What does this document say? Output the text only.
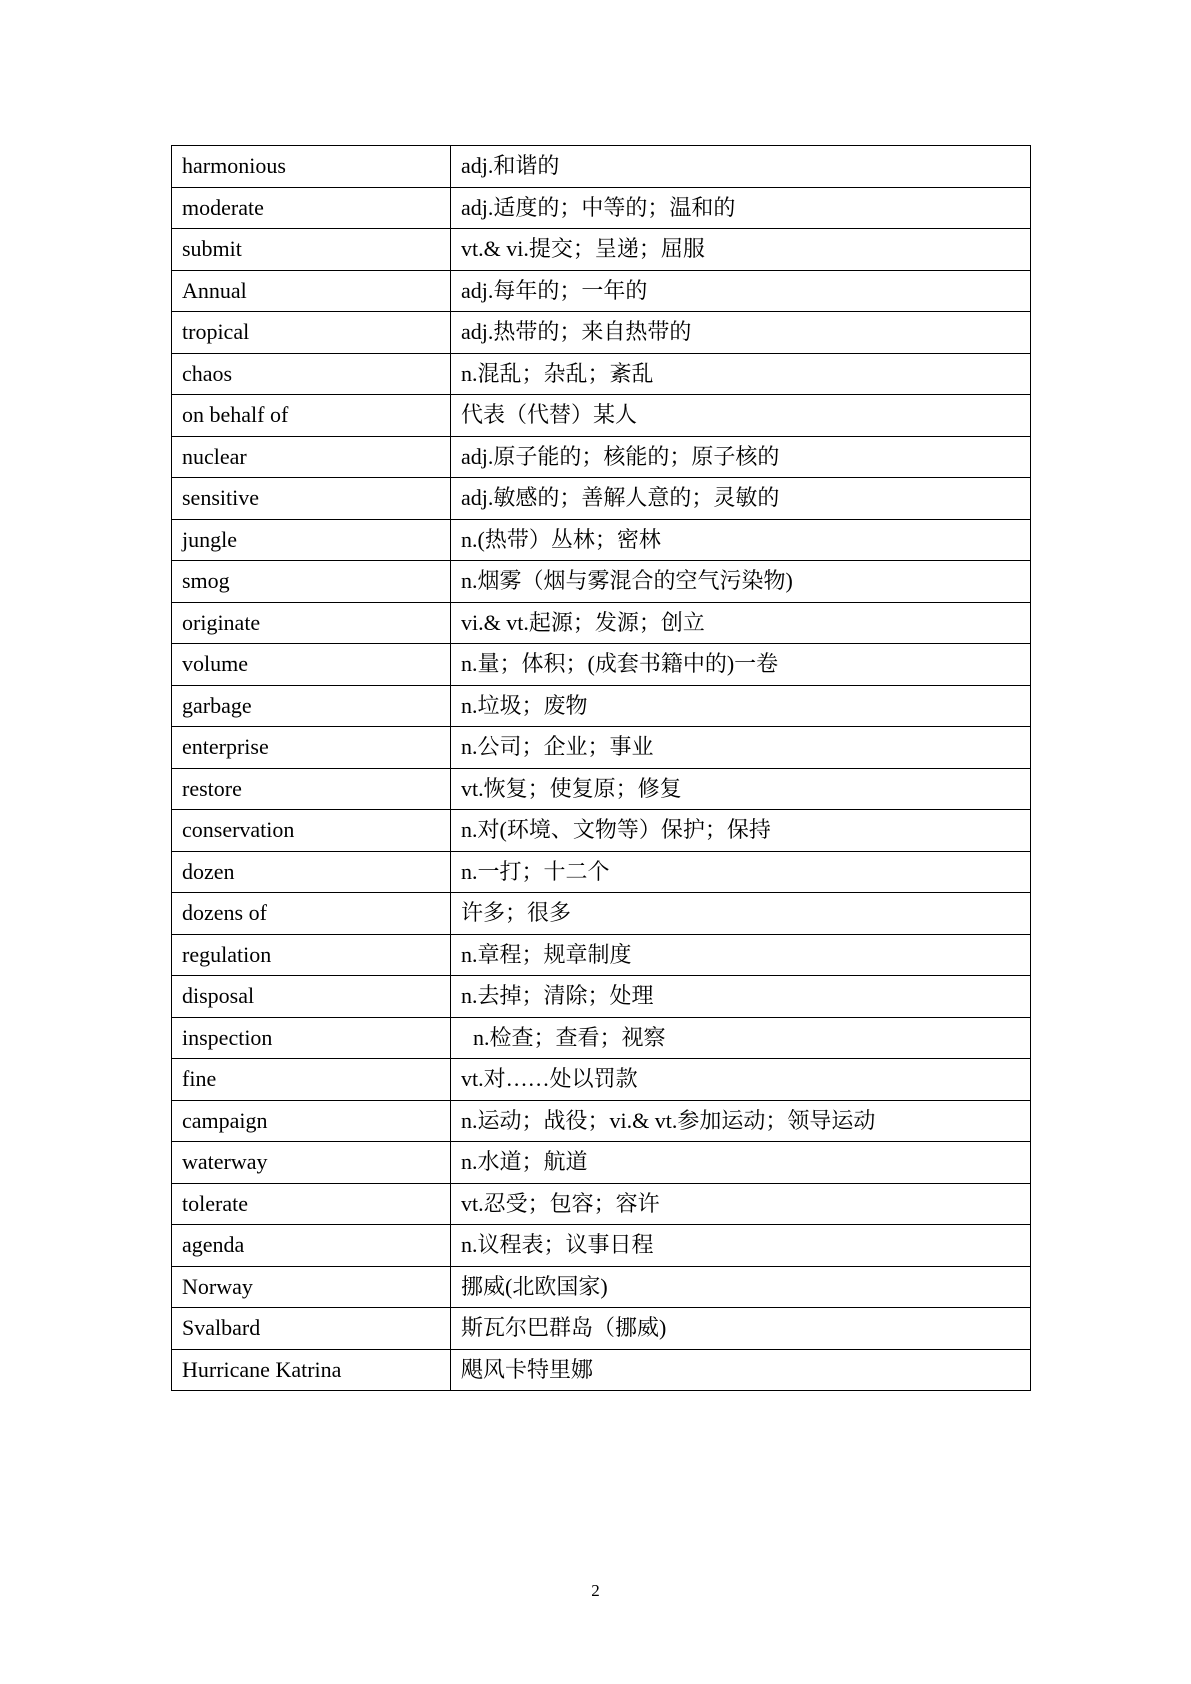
harmonious	adj.和谐的
moderate	adj.适度的；中等的；温和的
submit	vt.& vi.提交；呈递；屈服
Annual	adj.每年的；一年的
tropical	adj.热带的；来自热带的
chaos	n.混乱；杂乱；紊乱
on behalf of	代表（代替）某人
nuclear	adj.原子能的；核能的；原子核的
sensitive	adj.敏感的；善解人意的；灵敏的
jungle	n.(热带）丛林；密林
smog	n.烟雾（烟与雾混合的空气污染物)
originate	vi.& vt.起源；发源；创立
volume	n.量；体积；(成套书籍中的)一卷
garbage	n.垃圾；废物
enterprise	n.公司；企业；事业
restore	vt.恢复；使复原；修复
conservation	n.对(环境、文物等）保护；保持
dozen	n.一打；十二个
dozens of	许多；很多
regulation	n.章程；规章制度
disposal	n.去掉；清除；处理
inspection	n.检查；查看；视察
fine	vt.对……处以罚款
campaign	n.运动；战役；vi.& vt.参加运动；领导运动
waterway	n.水道；航道
tolerate	vt.忍受；包容；容许
agenda	n.议程表；议事日程
Norway	挪威(北欧国家)
Svalbard	斯瓦尔巴群岛（挪威)
Hurricane Katrina	飓风卡特里娜
2
